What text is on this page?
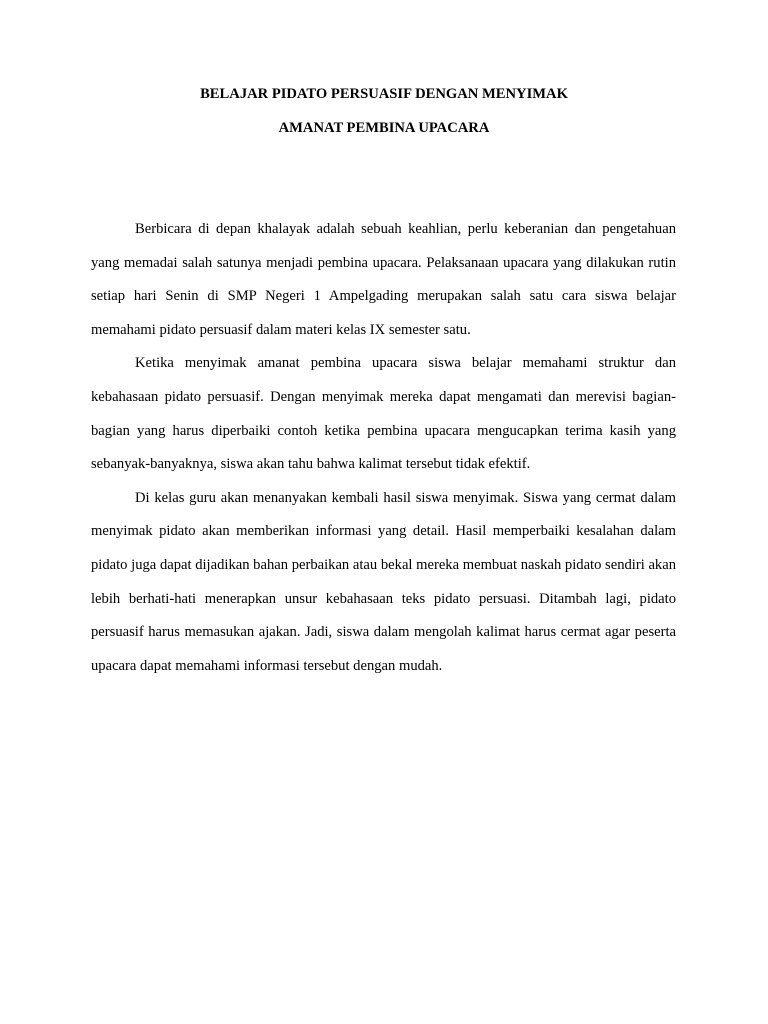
BELAJAR PIDATO PERSUASIF DENGAN MENYIMAK
AMANAT PEMBINA UPACARA

Berbicara di depan khalayak adalah sebuah keahlian, perlu keberanian dan pengetahuan yang memadai salah satunya menjadi pembina upacara. Pelaksanaan upacara yang dilakukan rutin setiap hari Senin di SMP Negeri 1 Ampelgading merupakan salah satu cara siswa belajar memahami pidato persuasif dalam materi kelas IX semester satu.

Ketika menyimak amanat pembina upacara siswa belajar memahami struktur dan kebahasaan pidato persuasif. Dengan menyimak mereka dapat mengamati dan merevisi bagian-bagian yang harus diperbaiki contoh ketika pembina upacara mengucapkan terima kasih yang sebanyak-banyaknya, siswa akan tahu bahwa kalimat tersebut tidak efektif.

Di kelas guru akan menanyakan kembali hasil siswa menyimak. Siswa yang cermat dalam menyimak pidato akan memberikan informasi yang detail. Hasil memperbaiki kesalahan dalam pidato juga dapat dijadikan bahan perbaikan atau bekal mereka membuat naskah pidato sendiri akan lebih berhati-hati menerapkan unsur kebahasaan teks pidato persuasi. Ditambah lagi, pidato persuasif harus memasukan ajakan. Jadi, siswa dalam mengolah kalimat harus cermat agar peserta upacara dapat memahami informasi tersebut dengan mudah.
